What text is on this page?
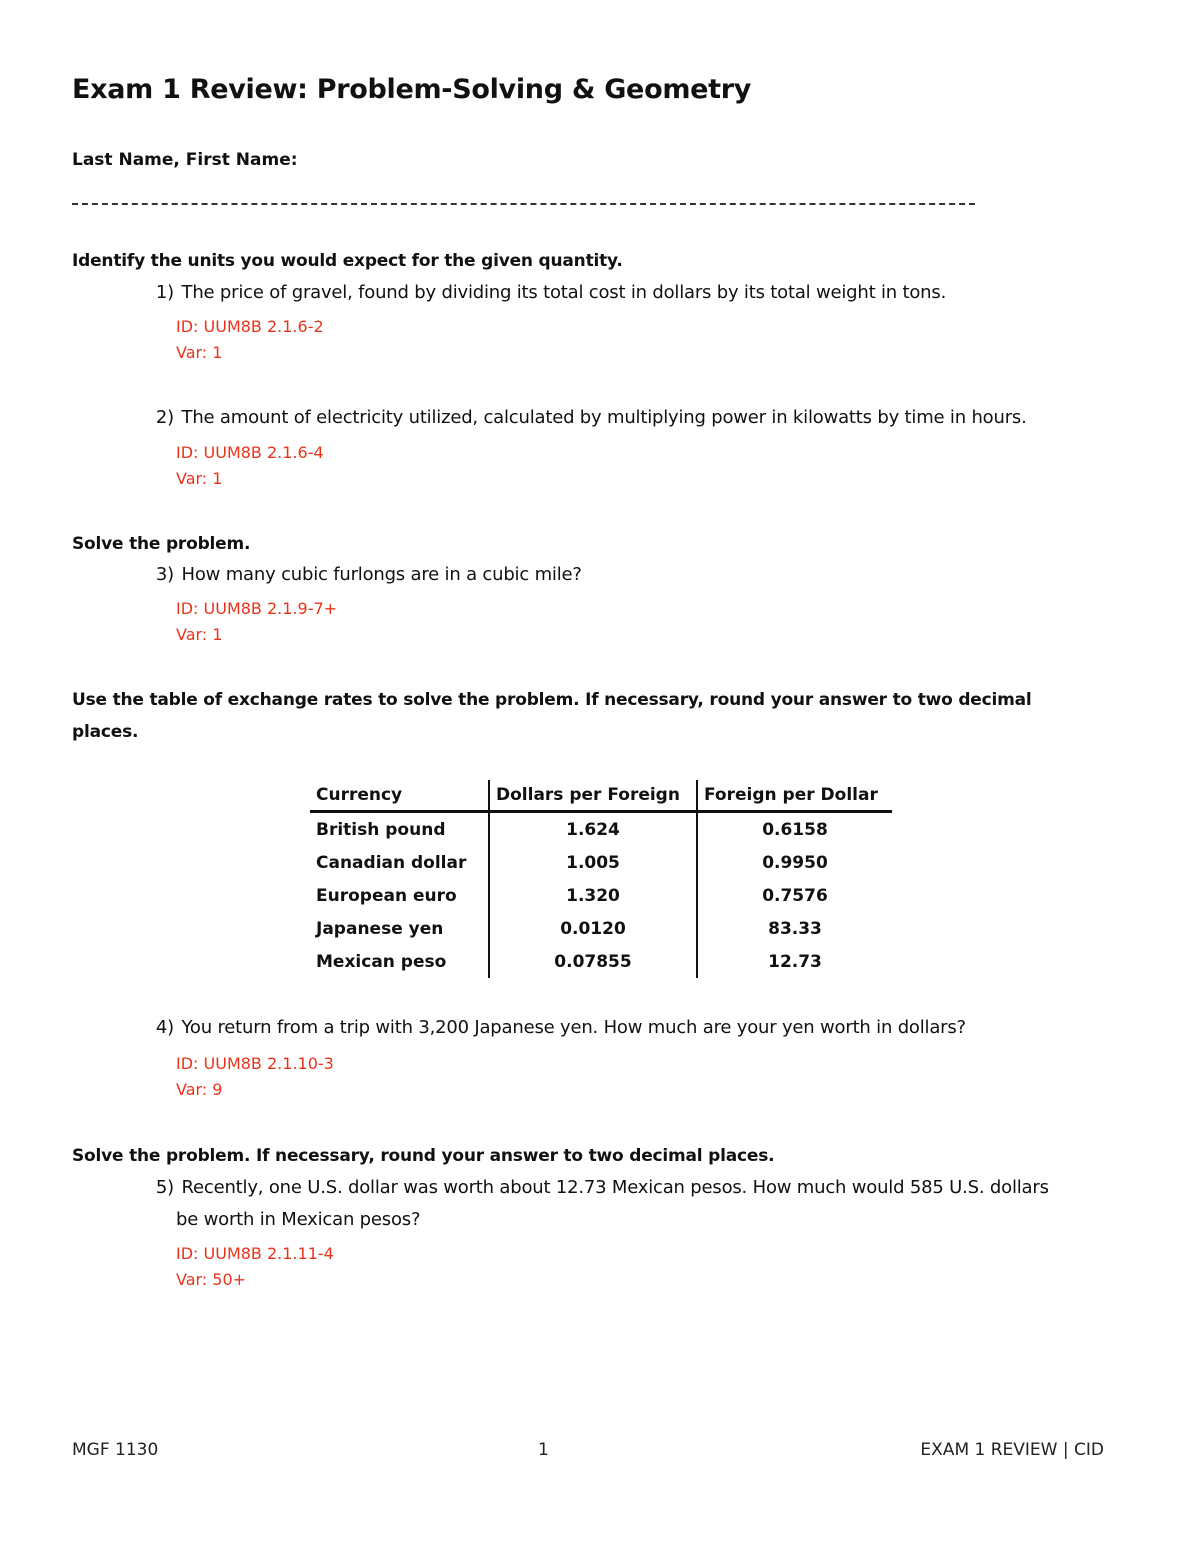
Exam 1 Review: Problem-Solving & Geometry
Last Name, First Name:
Identify the units you would expect for the given quantity.
1) The price of gravel, found by dividing its total cost in dollars by its total weight in tons.
ID: UUM8B 2.1.6-2
Var: 1
2) The amount of electricity utilized, calculated by multiplying power in kilowatts by time in hours.
ID: UUM8B 2.1.6-4
Var: 1
Solve the problem.
3) How many cubic furlongs are in a cubic mile?
ID: UUM8B 2.1.9-7+
Var: 1
Use the table of exchange rates to solve the problem. If necessary, round your answer to two decimal
places.
Currency	Dollars per Foreign	Foreign per Dollar
British pound	1.624	0.6158
Canadian dollar	1.005	0.9950
European euro	1.320	0.7576
Japanese yen	0.0120	83.33
Mexican peso	0.07855	12.73
4) You return from a trip with 3,200 Japanese yen. How much are your yen worth in dollars?
ID: UUM8B 2.1.10-3
Var: 9
Solve the problem. If necessary, round your answer to two decimal places.
5) Recently, one U.S. dollar was worth about 12.73 Mexican pesos. How much would 585 U.S. dollars
be worth in Mexican pesos?
ID: UUM8B 2.1.11-4
Var: 50+
MGF 1130	1	EXAM 1 REVIEW | CID
